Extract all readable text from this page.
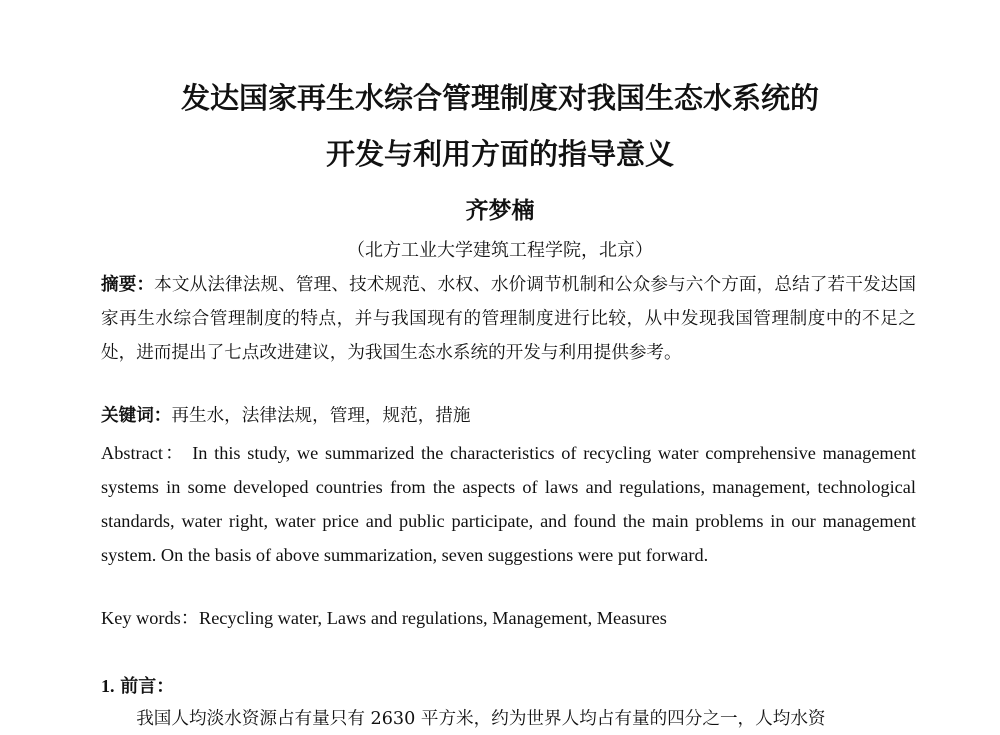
发达国家再生水综合管理制度对我国生态水系统的
开发与利用方面的指导意义
齐梦楠
（北方工业大学建筑工程学院，北京）
摘要：本文从法律法规、管理、技术规范、水权、水价调节机制和公众参与六个方面，总结了若干发达国家再生水综合管理制度的特点，并与我国现有的管理制度进行比较，从中发现我国管理制度中的不足之处，进而提出了七点改进建议，为我国生态水系统的开发与利用提供参考。
关键词：再生水，法律法规，管理，规范，措施
Abstract： In this study, we summarized the characteristics of recycling water comprehensive management systems in some developed countries from the aspects of laws and regulations, management, technological standards, water right, water price and public participate, and found the main problems in our management system. On the basis of above summarization, seven suggestions were put forward.
Key words：Recycling water, Laws and regulations, Management, Measures
1. 前言：
我国人均淡水资源占有量只有 2630 平方米，约为世界人均占有量的四分之一，人均水资
